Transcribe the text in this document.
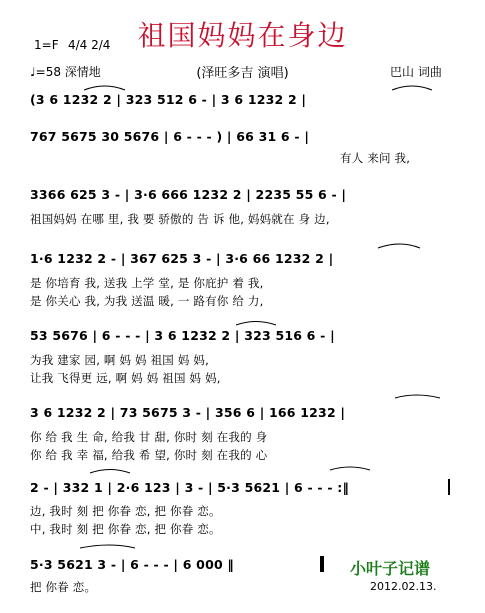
祖国妈妈在身边
(泽旺多吉 演唱)
1=F 4/4 2/4
♩=58 深情地	巴山 词曲
(3 6 1232 2 | 323 512 6 - | 3 6 1232 2 |
767 5675 30 5676 | 6 - - - ) | 66 31 6 - |
有人 来问 我,
3366 625 3 - | 3·6 666 1232 2 | 2235 55 6 - |
祖国妈妈 在哪 里, 我 要 骄傲的 告 诉 他, 妈妈就在 身 边,
1·6 1232 2 - | 367 625 3 - | 3·6 66 1232 2 |
是 你培育 我, 送我 上学 堂, 是 你庇护 着 我,
是 你关心 我, 为我 送温 暖, 一 路有你 给 力,
53 5676 | 6 - - - | 3 6 1232 2 | 323 516 6 - |
为我 建家 园, 啊 妈 妈 祖国 妈 妈,
让我 飞得更 远, 啊 妈 妈 祖国 妈 妈,
3 6 1232 2 | 73 5675 3 - | 356 6 | 166 1232 |
你 给 我 生 命, 给我 甘 甜, 你时 刻 在我的 身
你 给 我 幸 福, 给我 希 望, 你时 刻 在我的 心
2 - | 332 1 | 2·6 123 | 3 - | 5·3 5621 | 6 - - - :‖
边, 我时 刻 把 你眷 恋, 把 你眷 恋。
中, 我时 刻 把 你眷 恋, 把 你眷 恋。
5·3 5621 3 - | 6 - - - | 6 000 ‖
把 你眷 恋。
小叶子记谱
2012.02.13.
